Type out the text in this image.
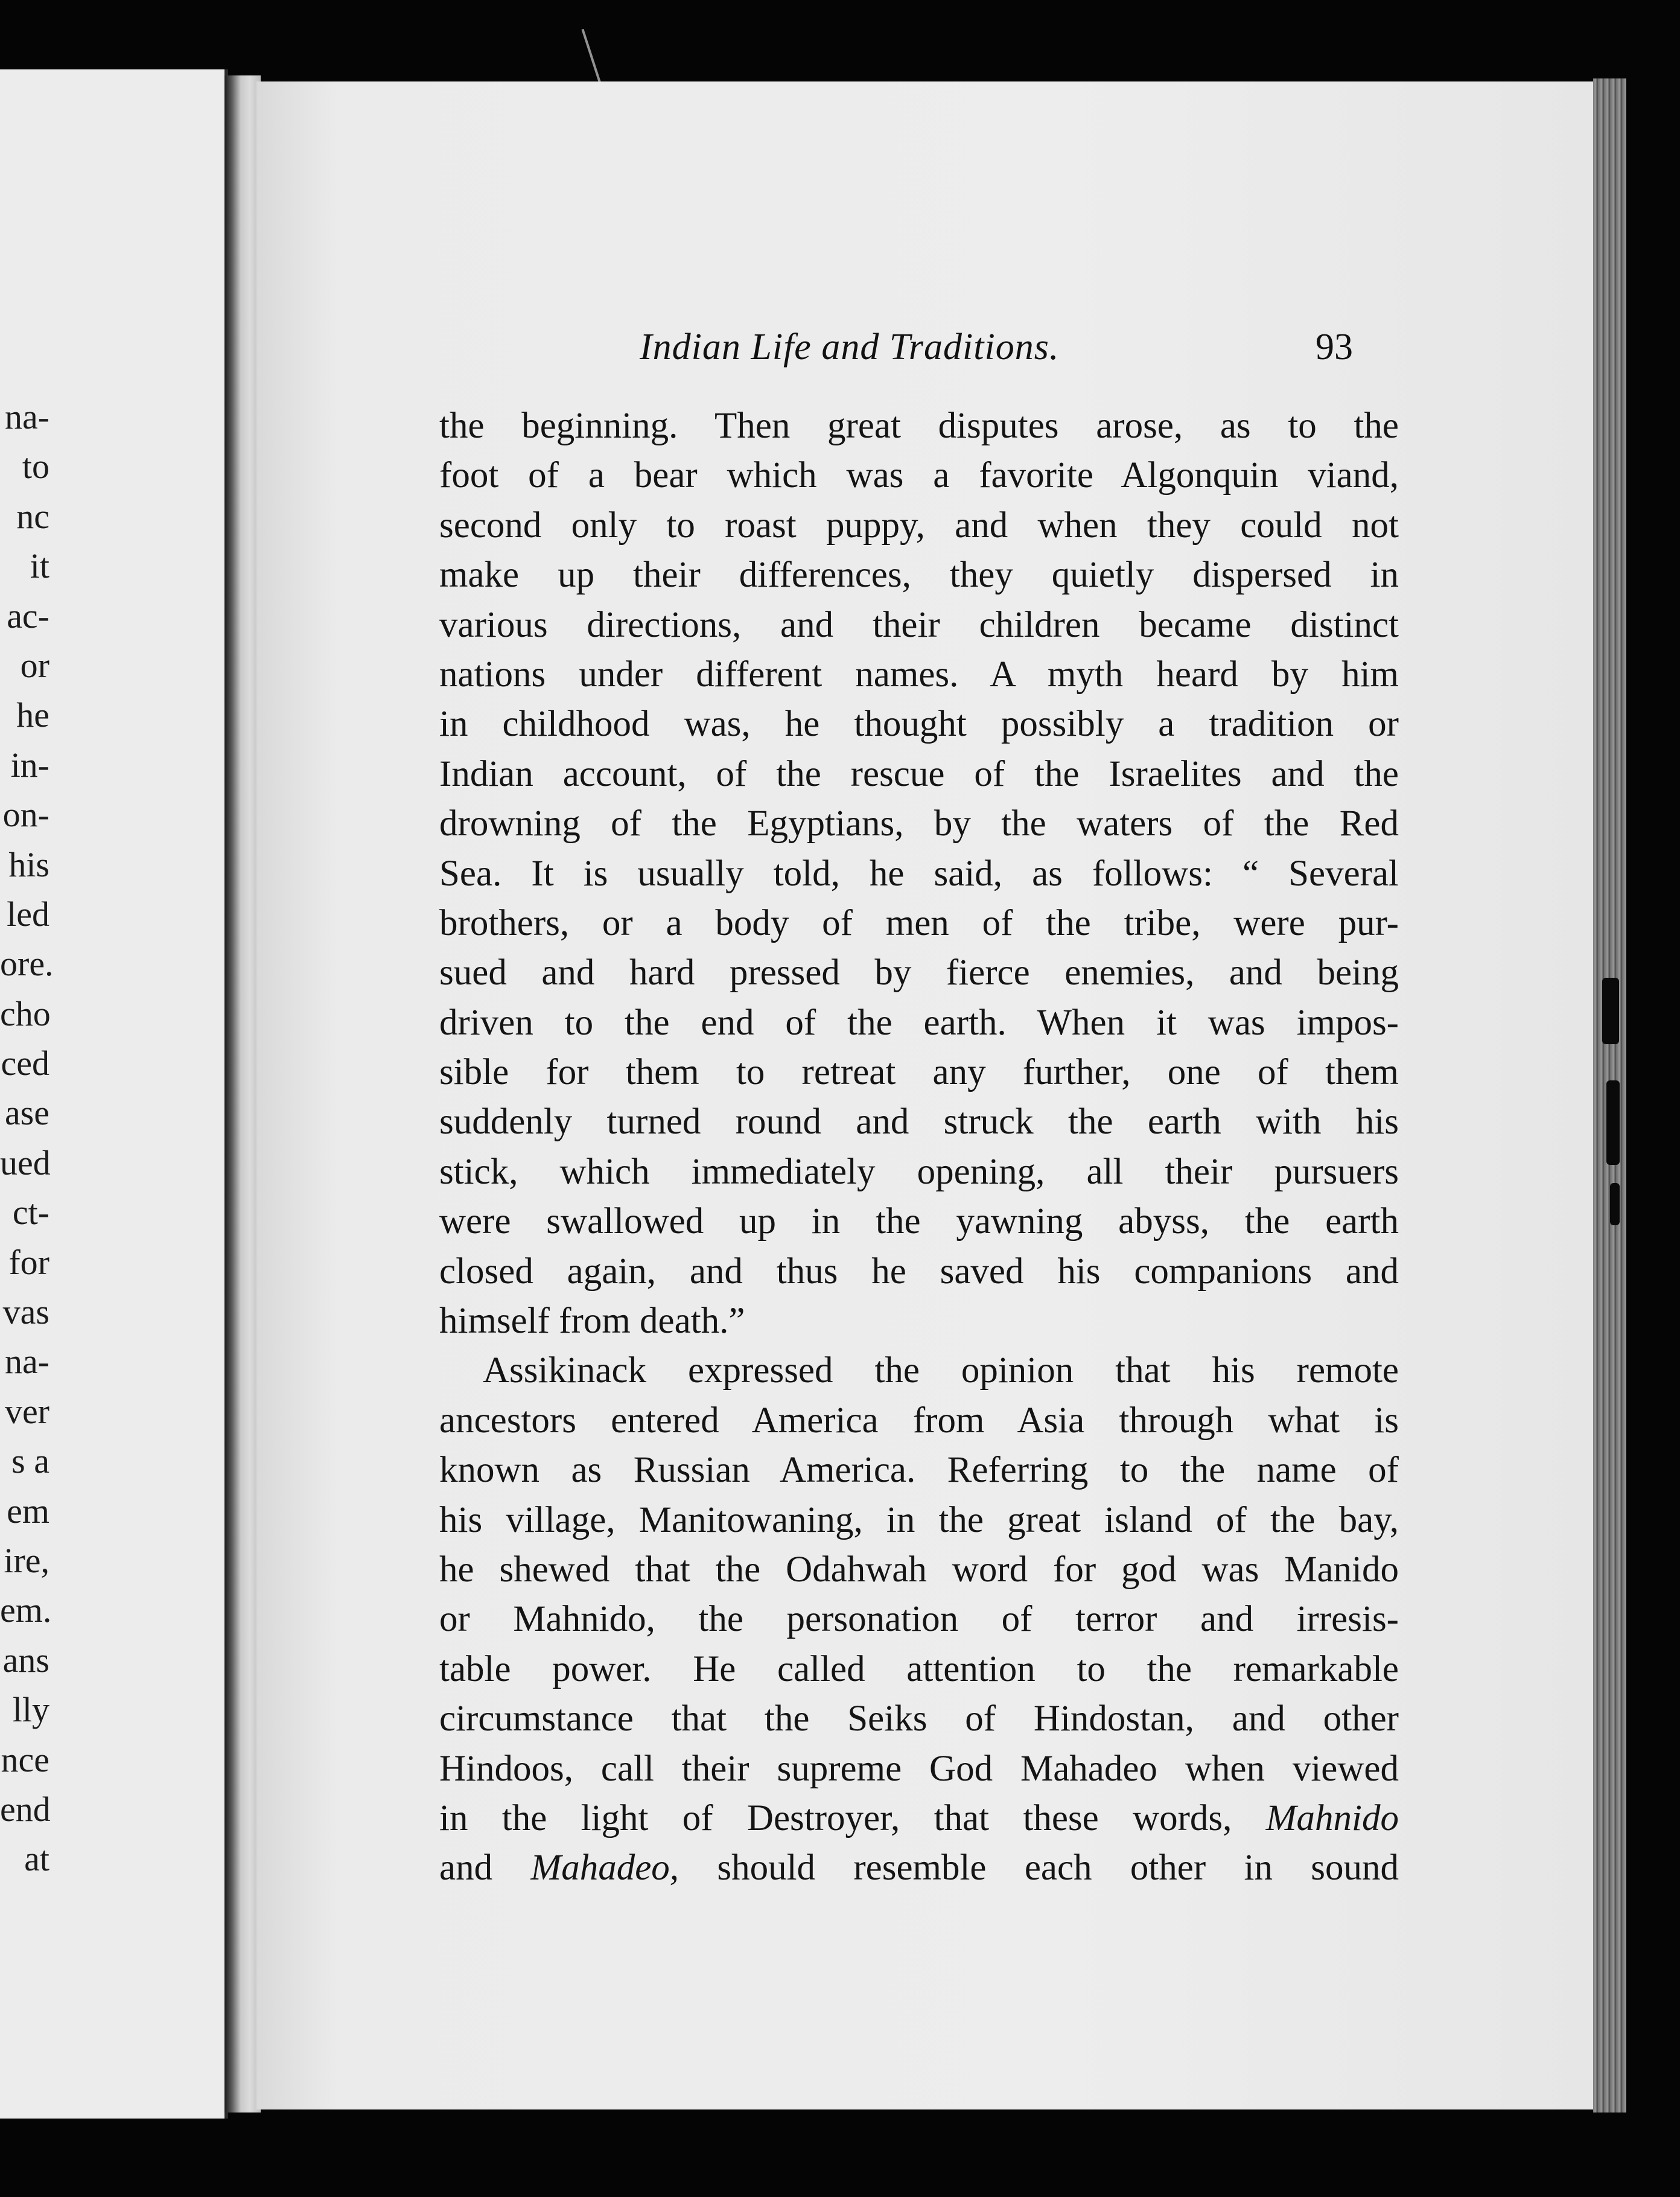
na-
to
nc
it
ac-
or
he
in-
on-
his
led
ore.
cho
ced
ase
ued
ct-
for
vas
na-
ver
s a
em
ire,
em.
ans
lly
nce
end
at
Indian Life and Traditions.	93
the beginning. Then great disputes arose, as to the
foot of a bear which was a favorite Algonquin viand,
second only to roast puppy, and when they could not
make up their differences, they quietly dispersed in
various directions, and their children became distinct
nations under different names. A myth heard by him
in childhood was, he thought possibly a tradition or
Indian account, of the rescue of the Israelites and the
drowning of the Egyptians, by the waters of the Red
Sea. It is usually told, he said, as follows: “ Several
brothers, or a body of men of the tribe, were pur-
sued and hard pressed by fierce enemies, and being
driven to the end of the earth. When it was impos-
sible for them to retreat any further, one of them
suddenly turned round and struck the earth with his
stick, which immediately opening, all their pursuers
were swallowed up in the yawning abyss, the earth
closed again, and thus he saved his companions and
himself from death.”
Assikinack expressed the opinion that his remote
ancestors entered America from Asia through what is
known as Russian America. Referring to the name of
his village, Manitowaning, in the great island of the bay,
he shewed that the Odahwah word for god was Manido
or Mahnido, the personation of terror and irresis-
table power. He called attention to the remarkable
circumstance that the Seiks of Hindostan, and other
Hindoos, call their supreme God Mahadeo when viewed
in the light of Destroyer, that these words, Mahnido
and Mahadeo, should resemble each other in sound
